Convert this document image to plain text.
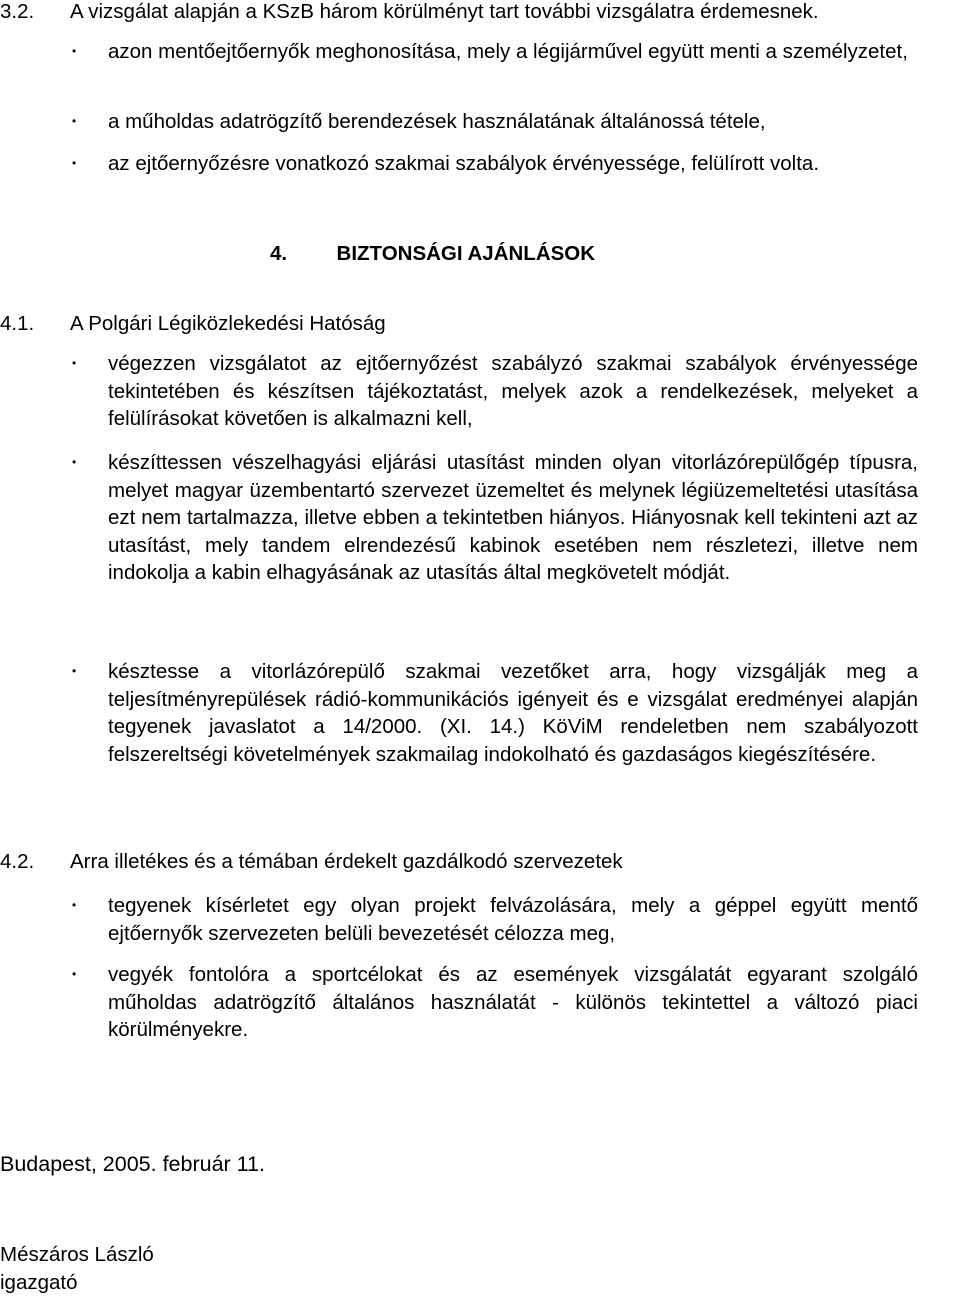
3.2. A vizsgálat alapján a KSzB három körülményt tart további vizsgálatra érdemesnek.
• azon mentőejtőernyők meghonosítása, mely a légijárművel együtt menti a személyzetet,
• a műholdas adatrögzítő berendezések használatának általánossá tétele,
• az ejtőernyőzésre vonatkozó szakmai szabályok érvényessége, felülírott volta.
4. BIZTONSÁGI AJÁNLÁSOK
4.1. A Polgári Légiközlekedési Hatóság
• végezzen vizsgálatot az ejtőernyőzést szabályzó szakmai szabályok érvényessége tekintetében és készítsen tájékoztatást, melyek azok a rendelkezések, melyeket a felülírásokat követően is alkalmazni kell,
• készíttessen vészelhagyási eljárási utasítást minden olyan vitorlázórepülőgép típusra, melyet magyar üzembentartó szervezet üzemeltet és melynek légiüzemeltetési utasítása ezt nem tartalmazza, illetve ebben a tekintetben hiányos. Hiányosnak kell tekinteni azt az utasítást, mely tandem elrendezésű kabinok esetében nem részletezi, illetve nem indokolja a kabin elhagyásának az utasítás által megkövetelt módját.
• késztesse a vitorlázórepülő szakmai vezetőket arra, hogy vizsgálják meg a teljesítményrepülések rádió-kommunikációs igényeit és e vizsgálat eredményei alapján tegyenek javaslatot a 14/2000. (XI. 14.) KöViM rendeletben nem szabályozott felszereltségi követelmények szakmailag indokolható és gazdaságos kiegészítésére.
4.2. Arra illetékes és a témában érdekelt gazdálkodó szervezetek
• tegyenek kísérletet egy olyan projekt felvázolására, mely a géppel együtt mentő ejtőernyők szervezeten belüli bevezetését célozza meg,
• vegyék fontolóra a sportcélokat és az események vizsgálatát egyarant szolgáló műholdas adatrögzítő általános használatát - különös tekintettel a változó piaci körülményekre.
Budapest, 2005. február 11.
Mészáros László
igazgató
